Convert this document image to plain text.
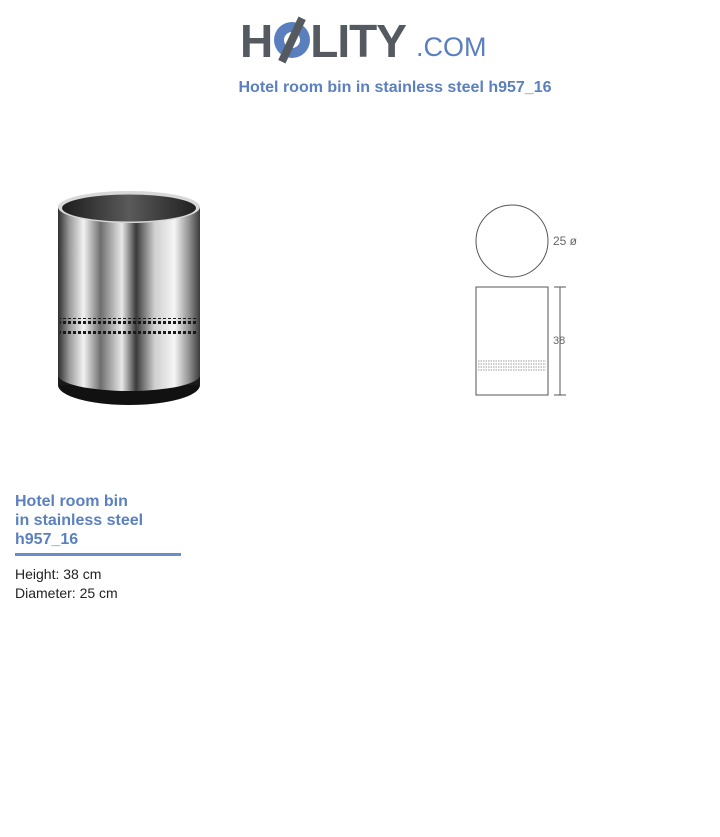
H LITY .COM
Hotel room bin in stainless steel h957_16
25 ø
38
Hotel room bin
in stainless steel
h957_16
Height: 38 cm
Diameter: 25 cm
